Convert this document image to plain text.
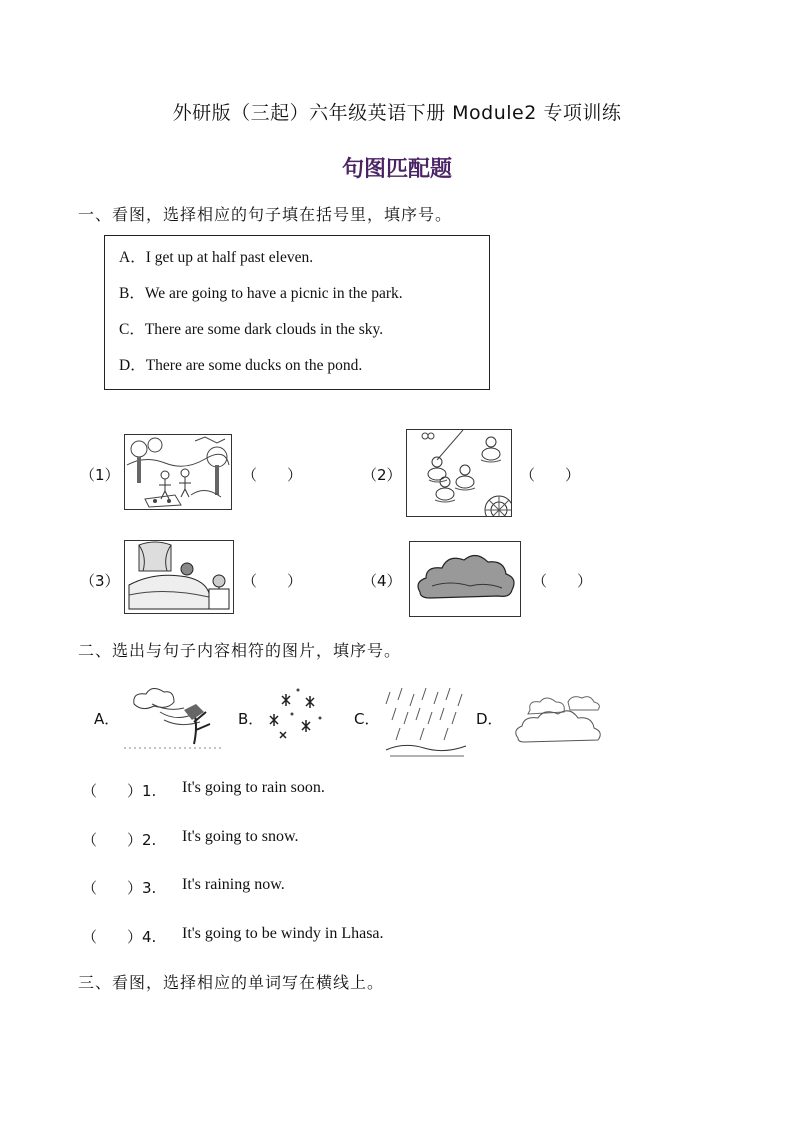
外研版（三起）六年级英语下册 Module2 专项训练
句图匹配题
一、看图，选择相应的句子填在括号里，填序号。
A．I get up at half past eleven.
B．We are going to have a picnic in the park.
C．There are some dark clouds in the sky.
D．There are some ducks on the pond.
（1）	（　　）	（2）	（　　）
（3）	（　　）	（4）	（　　）
二、选出与句子内容相符的图片，填序号。
A．	B．	C．	D．
（　　）1. It's going to rain soon.
（　　）2. It's going to snow.
（　　）3. It's raining now.
（　　）4. It's going to be windy in Lhasa.
三、看图，选择相应的单词写在横线上。
